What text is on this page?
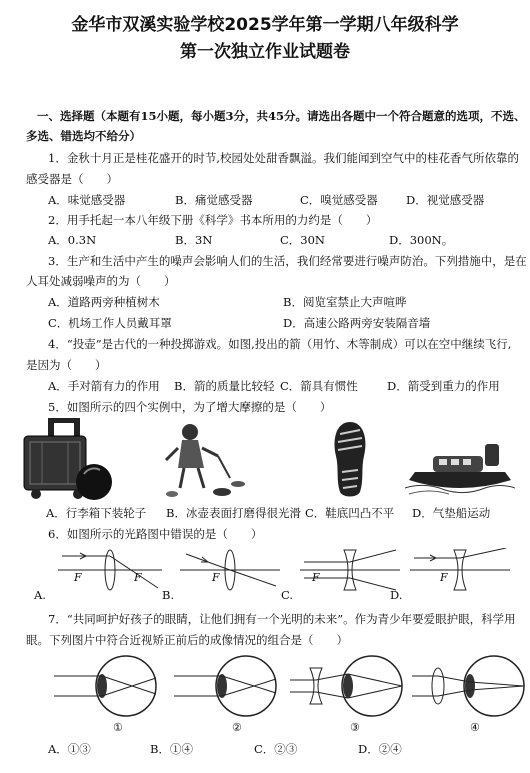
金华市双溪实验学校2025学年第一学期八年级科学
第一次独立作业试题卷
一、选择题（本题有15小题，每小题3分，共45分。请选出各题中一个符合题意的选项，不选、
多选、错选均不给分）
1．金秋十月正是桂花盛开的时节,校园处处甜香飘溢。我们能闻到空气中的桂花香气所依靠的
感受器是（　　）
A．味觉感受器	B．痛觉感受器	C．嗅觉感受器 D．视觉感受器
2．用手托起一本八年级下册《科学》书本所用的力约是（　　）
A．0.3N	B．3N	C．30N	D．300N。
3．生产和生活中产生的噪声会影响人们的生活，我们经常要进行噪声防治。下列措施中，是在
人耳处减弱噪声的为（　　）
A．道路两旁种植树木	B．阅览室禁止大声喧哗
C．机场工作人员戴耳罩	D．高速公路两旁安装隔音墙
4．“投壶”是古代的一种投掷游戏。如图,投出的箭（用竹、木等制成）可以在空中继续飞行,
是因为（　　）
A．手对箭有力的作用 B．箭的质量比较轻 C．箭具有惯性	D．箭受到重力的作用
5．如图所示的四个实例中，为了增大摩擦的是（　　）
A．行李箱下装轮子 B．冰壶表面打磨得很光滑 C．鞋底凹凸不平 D．气垫船运动
6．如图所示的光路图中错误的是（　　）
F	F	F	F	F
A.	B.	C.	D.
7．“共同呵护好孩子的眼睛，让他们拥有一个光明的未来”。作为青少年要爱眼护眼，科学用
眼。下列图片中符合近视矫正前后的成像情况的组合是（　　）
①	②	③	④
A．①③	B．①④	C．②③	D．②④
